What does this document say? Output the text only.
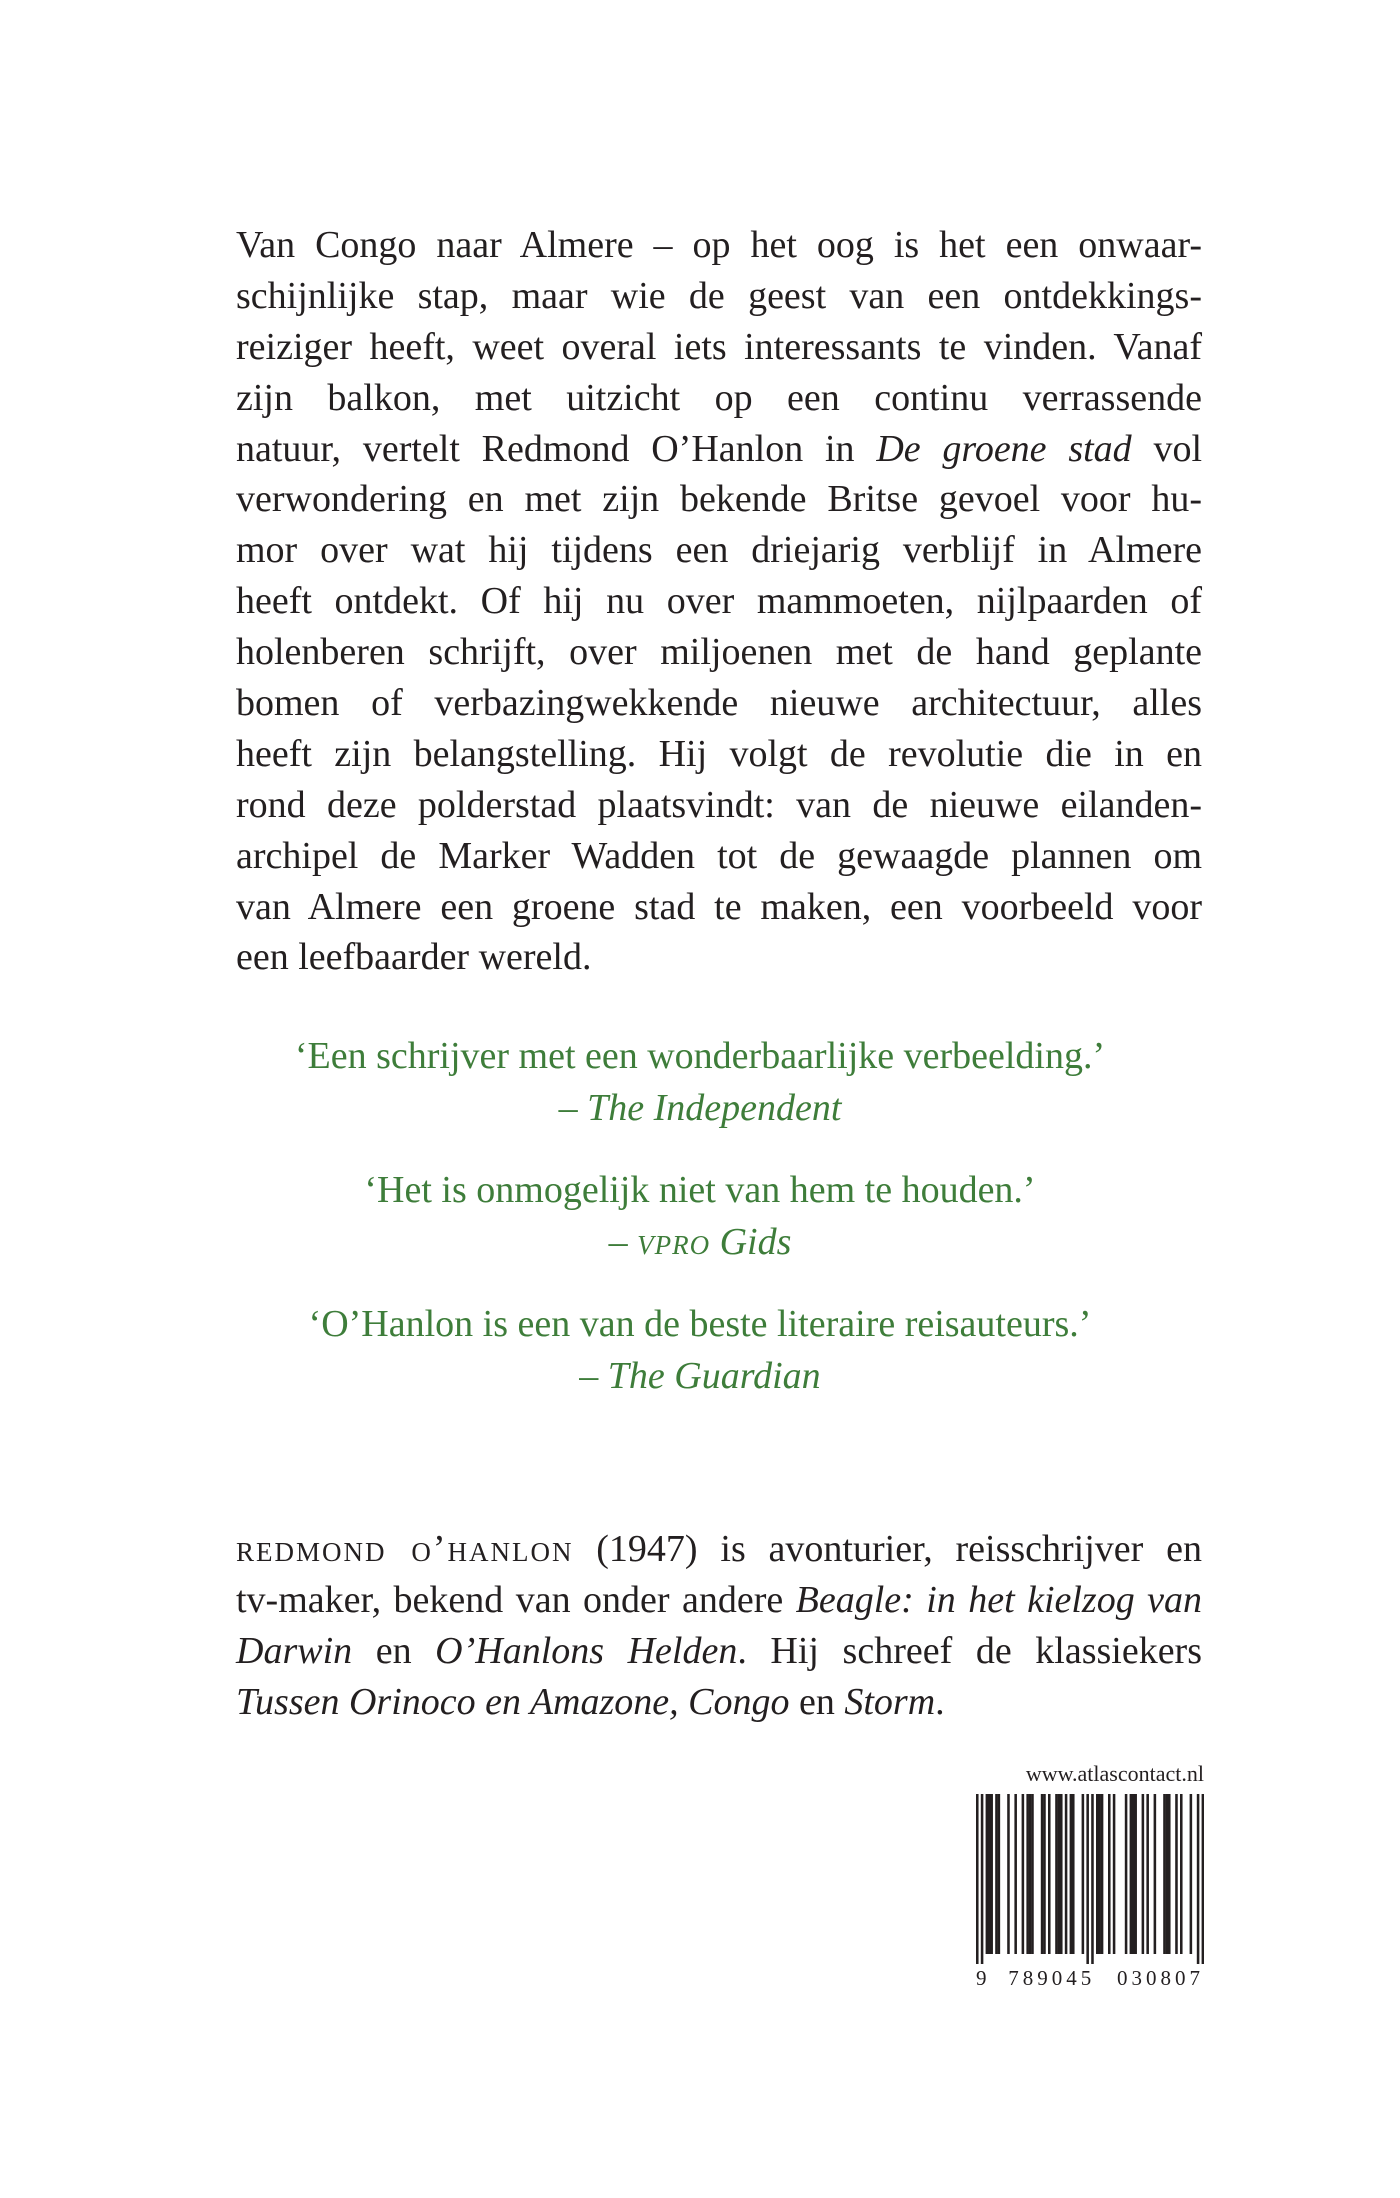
Van Congo naar Almere – op het oog is het een onwaar-
schijnlijke stap, maar wie de geest van een ontdekkings-
reiziger heeft, weet overal iets interessants te vinden. Vanaf
zijn balkon, met uitzicht op een continu verrassende
natuur, vertelt Redmond O’Hanlon in De groene stad vol
verwondering en met zijn bekende Britse gevoel voor hu-
mor over wat hij tijdens een driejarig verblijf in Almere
heeft ontdekt. Of hij nu over mammoeten, nijlpaarden of
holenberen schrijft, over miljoenen met de hand geplante
bomen of verbazingwekkende nieuwe architectuur, alles
heeft zijn belangstelling. Hij volgt de revolutie die in en
rond deze polderstad plaatsvindt: van de nieuwe eilanden-
archipel de Marker Wadden tot de gewaagde plannen om
van Almere een groene stad te maken, een voorbeeld voor
een leefbaarder wereld.
‘Een schrijver met een wonderbaarlijke verbeelding.’
– The Independent
‘Het is onmogelijk niet van hem te houden.’
– vpro Gids
‘O’Hanlon is een van de beste literaire reisauteurs.’
– The Guardian
redmond o’hanlon (1947) is avonturier, reisschrijver en
tv-maker, bekend van onder andere Beagle: in het kielzog van
Darwin en O’Hanlons Helden. Hij schreef de klassiekers
Tussen Orinoco en Amazone, Congo en Storm.
www.atlascontact.nl
9 789045 030807
